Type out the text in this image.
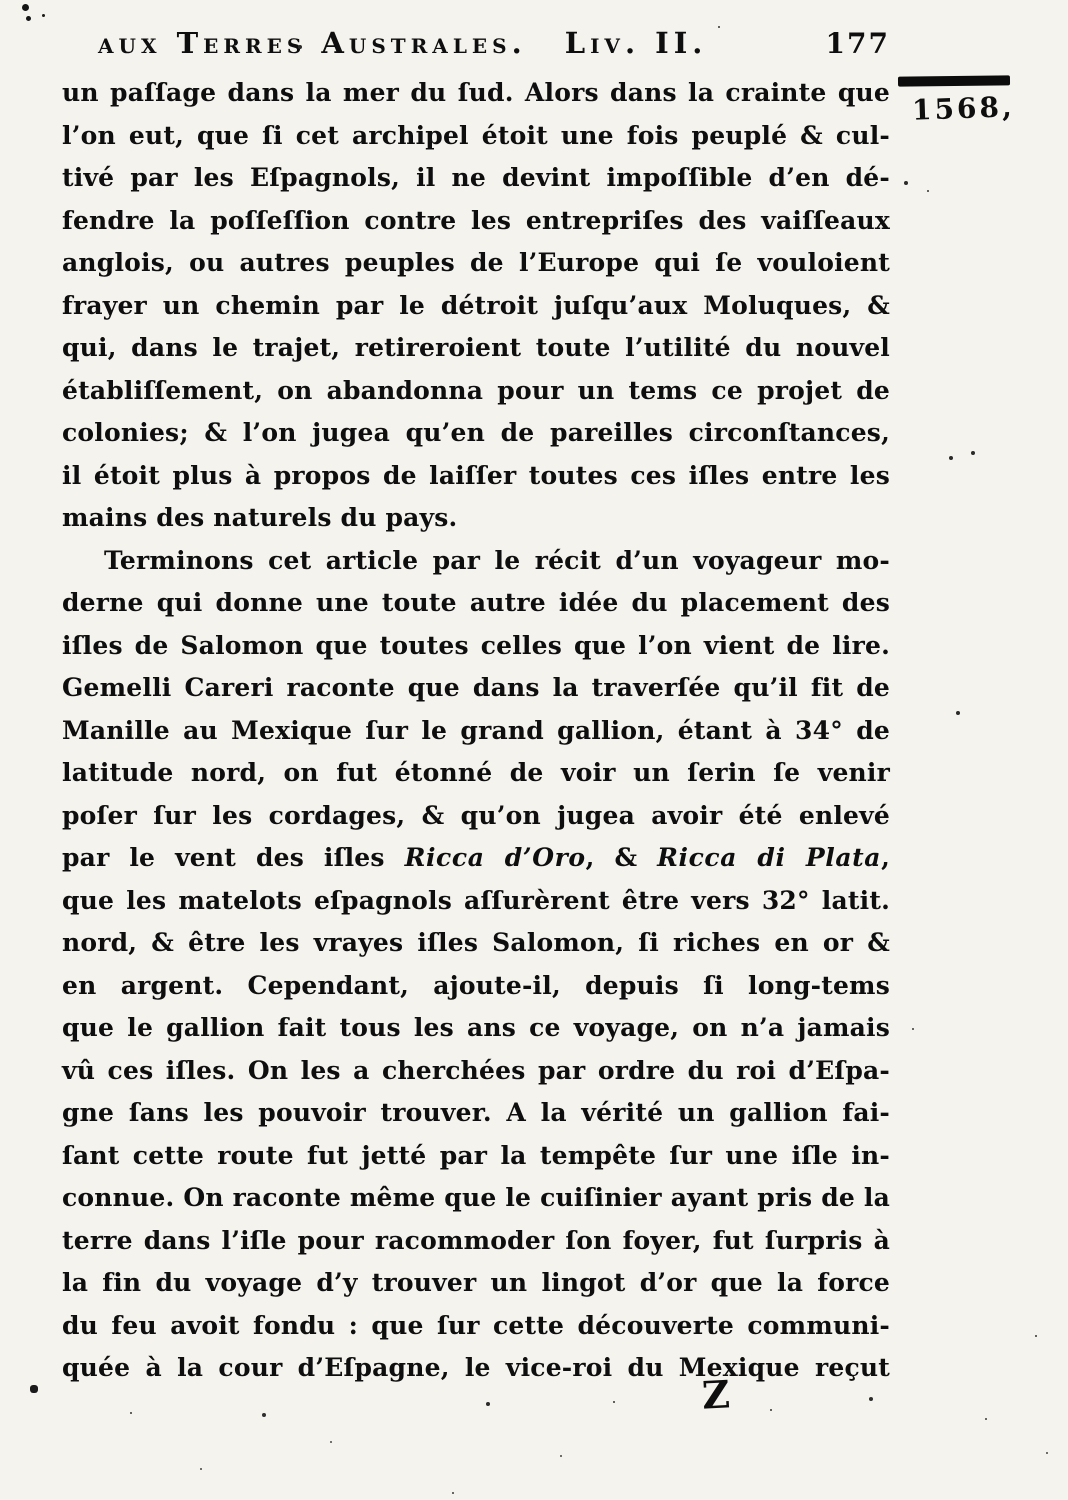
aux Terres Australes. Liv. II.	177
1568,
un paſſage dans la mer du ſud. Alors dans la crainte que
l’on eut, que ſi cet archipel étoit une fois peuplé & cul-
tivé par les Eſpagnols, il ne devint impoſſible d’en dé-
fendre la poſſeſſion contre les entrepriſes des vaiſſeaux
anglois, ou autres peuples de l’Europe qui ſe vouloient
frayer un chemin par le détroit juſqu’aux Moluques, &
qui, dans le trajet, retireroient toute l’utilité du nouvel
établiſſement, on abandonna pour un tems ce projet de
colonies; & l’on jugea qu’en de pareilles circonſtances,
il étoit plus à propos de laiſſer toutes ces iſles entre les
mains des naturels du pays.
Terminons cet article par le récit d’un voyageur mo-
derne qui donne une toute autre idée du placement des
iſles de Salomon que toutes celles que l’on vient de lire.
Gemelli Careri raconte que dans la traverſée qu’il fit de
Manille au Mexique ſur le grand gallion, étant à 34° de
latitude nord, on fut étonné de voir un ſerin ſe venir
poſer ſur les cordages, & qu’on jugea avoir été enlevé
par le vent des iſles Ricca d’Oro, & Ricca di Plata,
que les matelots eſpagnols aſſurèrent être vers 32° latit.
nord, & être les vrayes iſles Salomon, ſi riches en or &
en argent. Cependant, ajoute-il, depuis ſi long-tems
que le gallion fait tous les ans ce voyage, on n’a jamais
vû ces iſles. On les a cherchées par ordre du roi d’Eſpa-
gne ſans les pouvoir trouver. A la vérité un gallion fai-
ſant cette route fut jetté par la tempête ſur une iſle in-
connue. On raconte même que le cuiſinier ayant pris de la
terre dans l’iſle pour racommoder ſon foyer, fut ſurpris à
la fin du voyage d’y trouver un lingot d’or que la force
du feu avoit fondu : que ſur cette découverte communi-
quée à la cour d’Eſpagne, le vice-roi du Mexique reçut
Z
